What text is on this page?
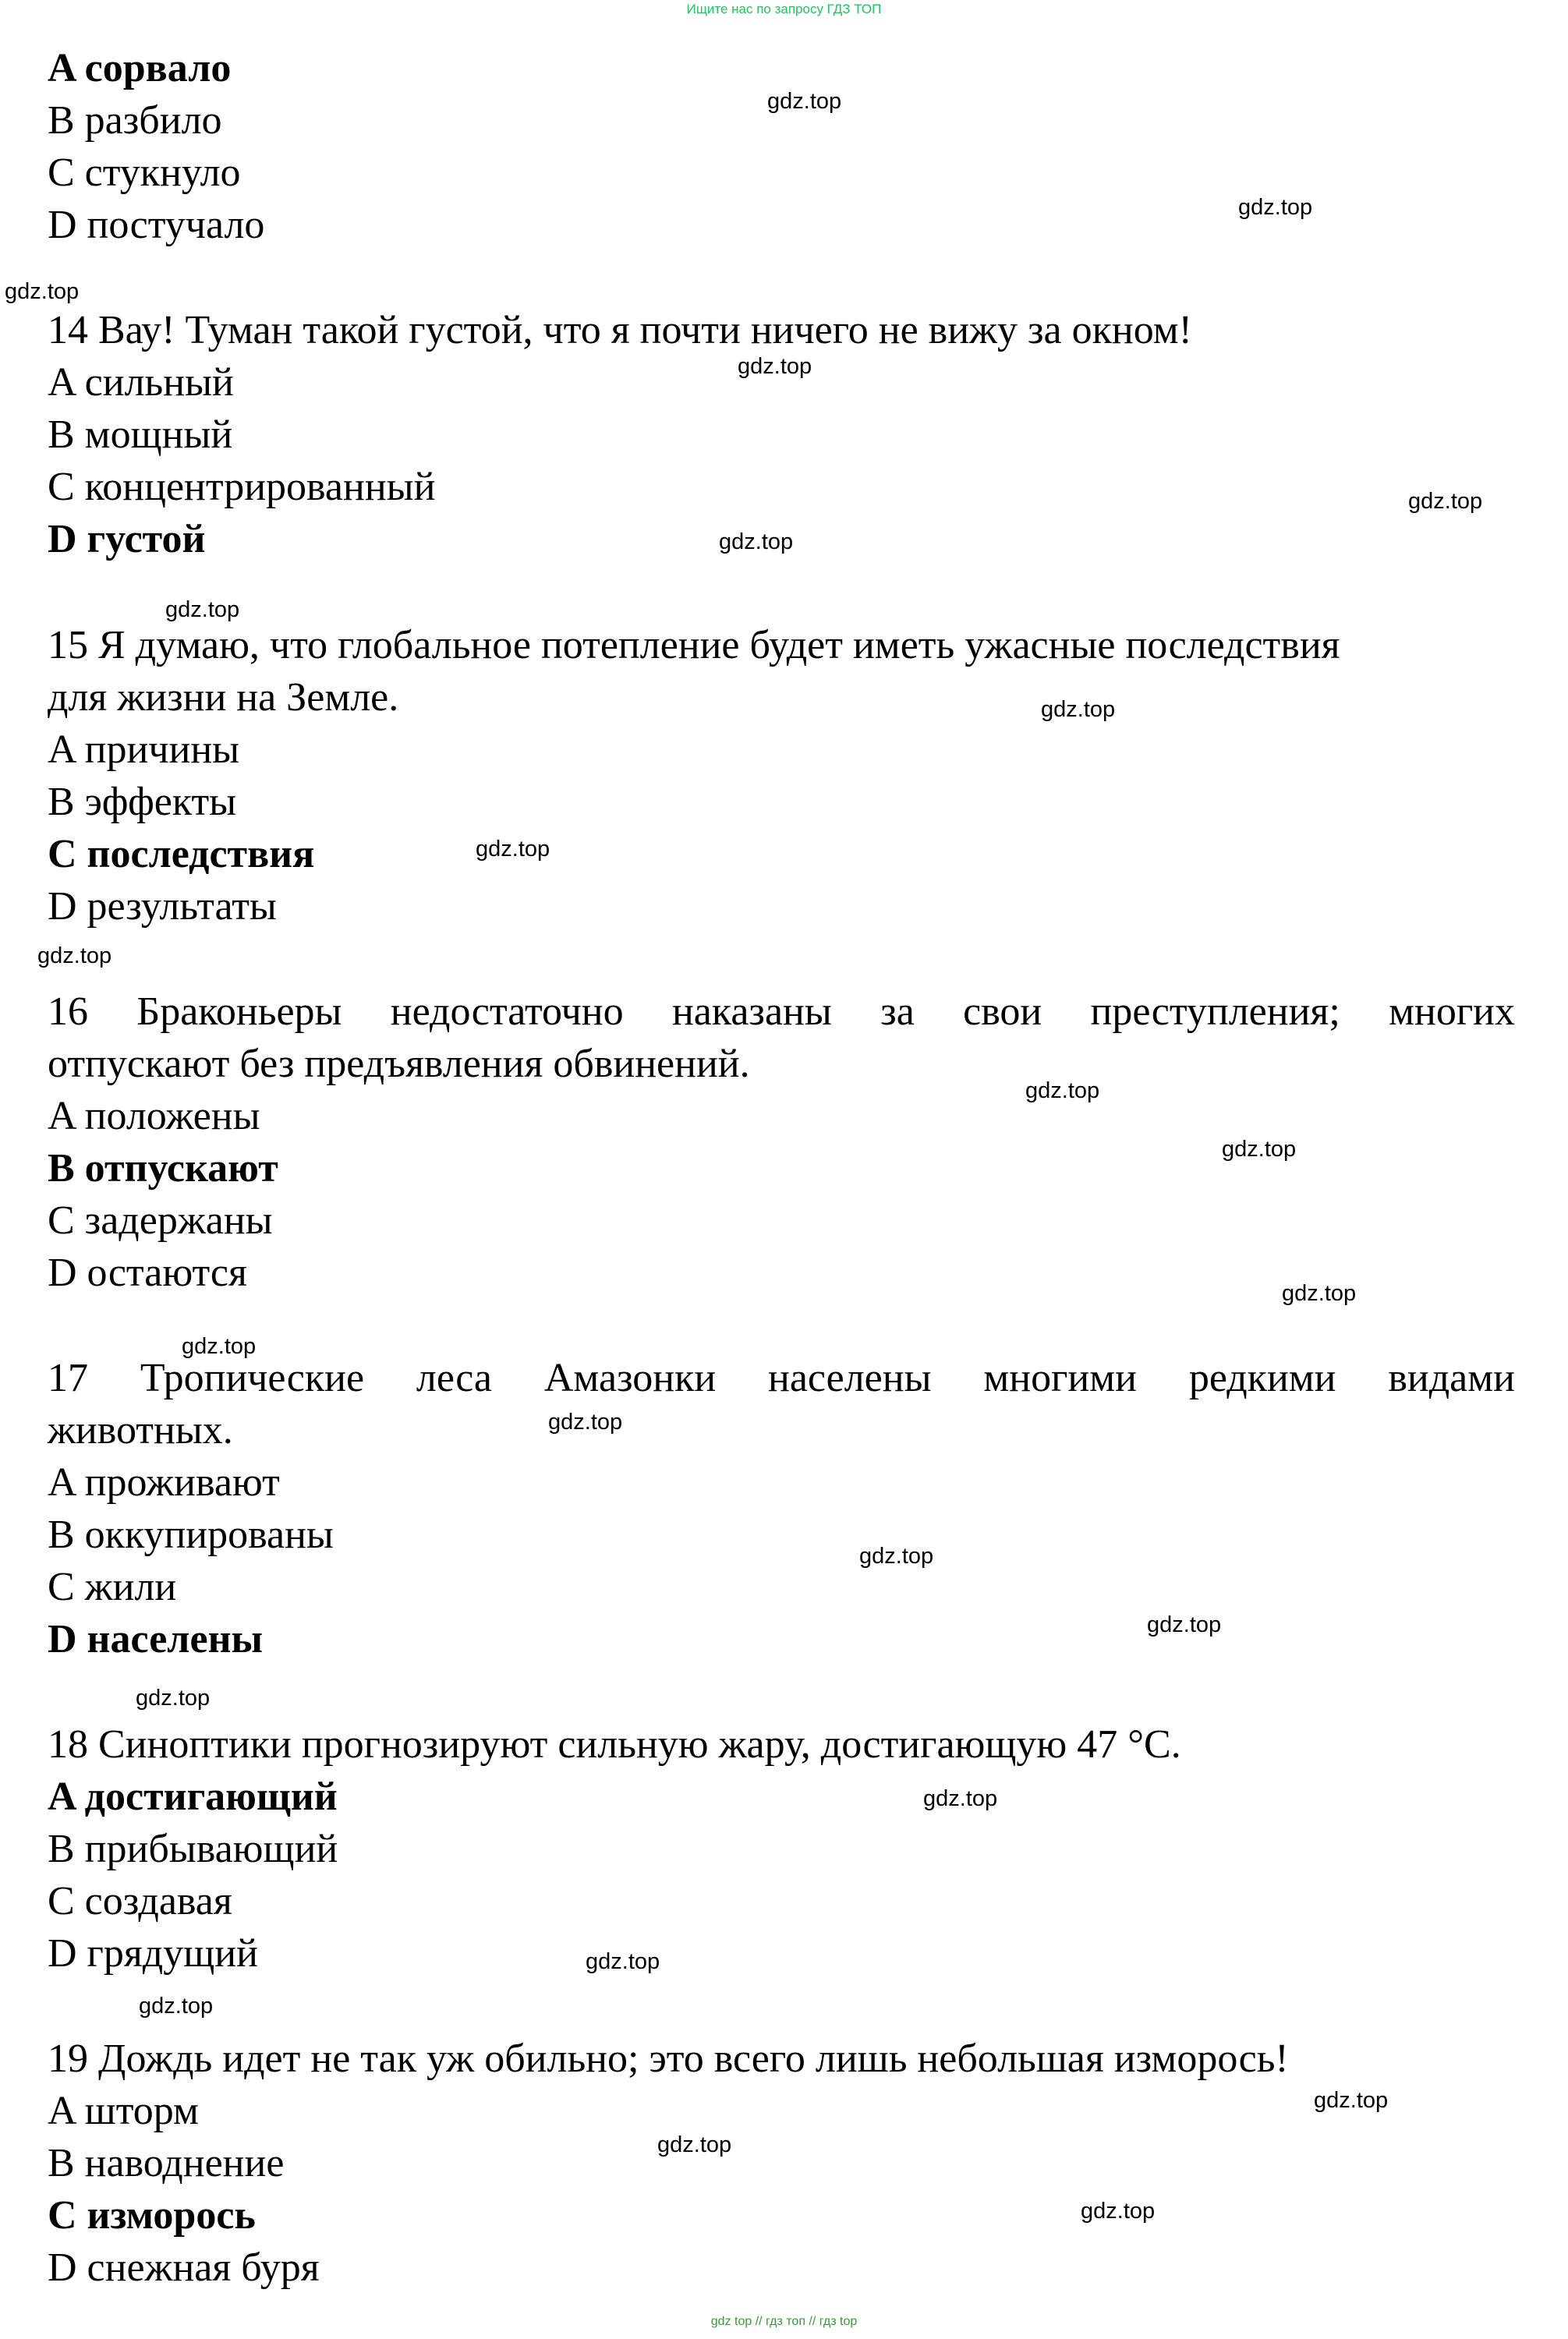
Ищите нас по запросу ГДЗ ТОП
A сорвало
B разбило
C стукнуло
D постучало
14 Вау! Туман такой густой, что я почти ничего не вижу за окном!
A сильный
B мощный
C концентрированный
D густой
15 Я думаю, что глобальное потепление будет иметь ужасные последствия
для жизни на Земле.
A причины
B эффекты
C последствия
D результаты
16 Браконьеры недостаточно наказаны за свои преступления; многих
отпускают без предъявления обвинений.
A положены
B отпускают
C задержаны
D остаются
17 Тропические леса Амазонки населены многими редкими видами
животных.
A проживают
B оккупированы
C жили
D населены
18 Синоптики прогнозируют сильную жару, достигающую 47 °C.
A достигающий
B прибывающий
C создавая
D грядущий
19 Дождь идет не так уж обильно; это всего лишь небольшая изморось!
A шторм
B наводнение
C изморось
D снежная буря
gdz.top
gdz.top
gdz.top
gdz.top
gdz.top
gdz.top
gdz.top
gdz.top
gdz.top
gdz.top
gdz.top
gdz.top
gdz.top
gdz.top
gdz.top
gdz.top
gdz.top
gdz.top
gdz.top
gdz.top
gdz.top
gdz.top
gdz.top
gdz.top
gdz top // гдз топ // гдз top
